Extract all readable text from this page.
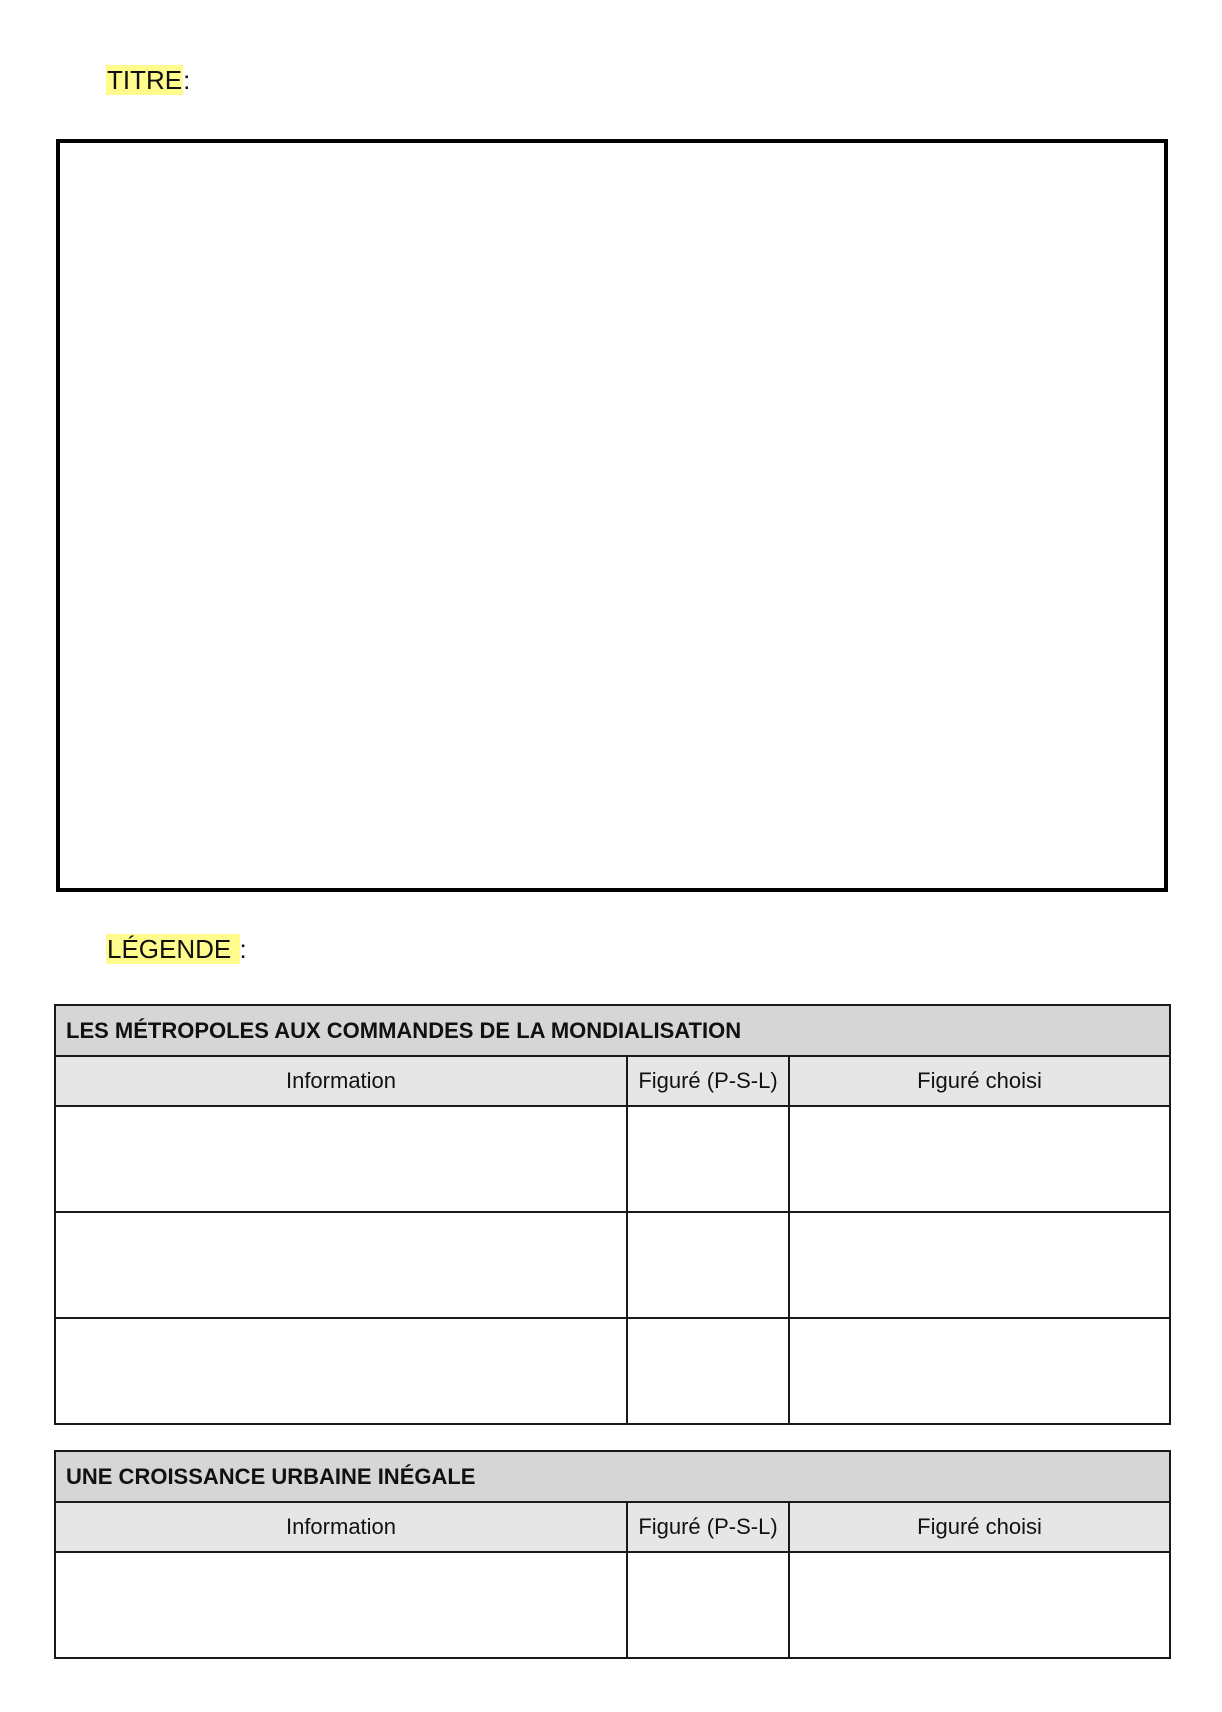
TITRE:
LÉGENDE :
LES MÉTROPOLES AUX COMMANDES DE LA MONDIALISATION		
Information	Figuré (P-S-L)	Figuré choisi

UNE CROISSANCE URBAINE INÉGALE		
Information	Figuré (P-S-L)	Figuré choisi
